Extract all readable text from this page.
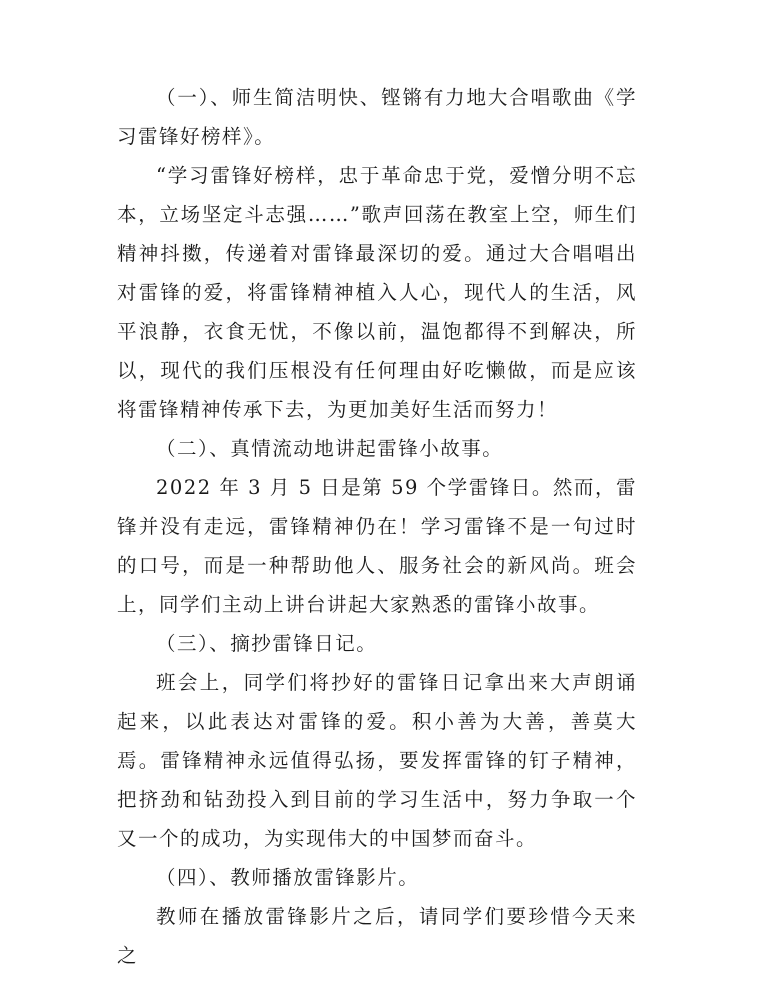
（一）、师生简洁明快、铿锵有力地大合唱歌曲《学习雷锋好榜样》。

“学习雷锋好榜样，忠于革命忠于党，爱憎分明不忘本，立场坚定斗志强……”歌声回荡在教室上空，师生们精神抖擞，传递着对雷锋最深切的爱。通过大合唱唱出对雷锋的爱，将雷锋精神植入人心，现代人的生活，风平浪静，衣食无忧，不像以前，温饱都得不到解决，所以，现代的我们压根没有任何理由好吃懒做，而是应该将雷锋精神传承下去，为更加美好生活而努力！

（二）、真情流动地讲起雷锋小故事。

2022 年 3 月 5 日是第 59 个学雷锋日。然而，雷锋并没有走远，雷锋精神仍在！学习雷锋不是一句过时的口号，而是一种帮助他人、服务社会的新风尚。班会上，同学们主动上讲台讲起大家熟悉的雷锋小故事。

（三）、摘抄雷锋日记。

班会上，同学们将抄好的雷锋日记拿出来大声朗诵起来，以此表达对雷锋的爱。积小善为大善，善莫大焉。雷锋精神永远值得弘扬，要发挥雷锋的钉子精神，把挤劲和钻劲投入到目前的学习生活中，努力争取一个又一个的成功，为实现伟大的中国梦而奋斗。

（四）、教师播放雷锋影片。

教师在播放雷锋影片之后，请同学们要珍惜今天来之
